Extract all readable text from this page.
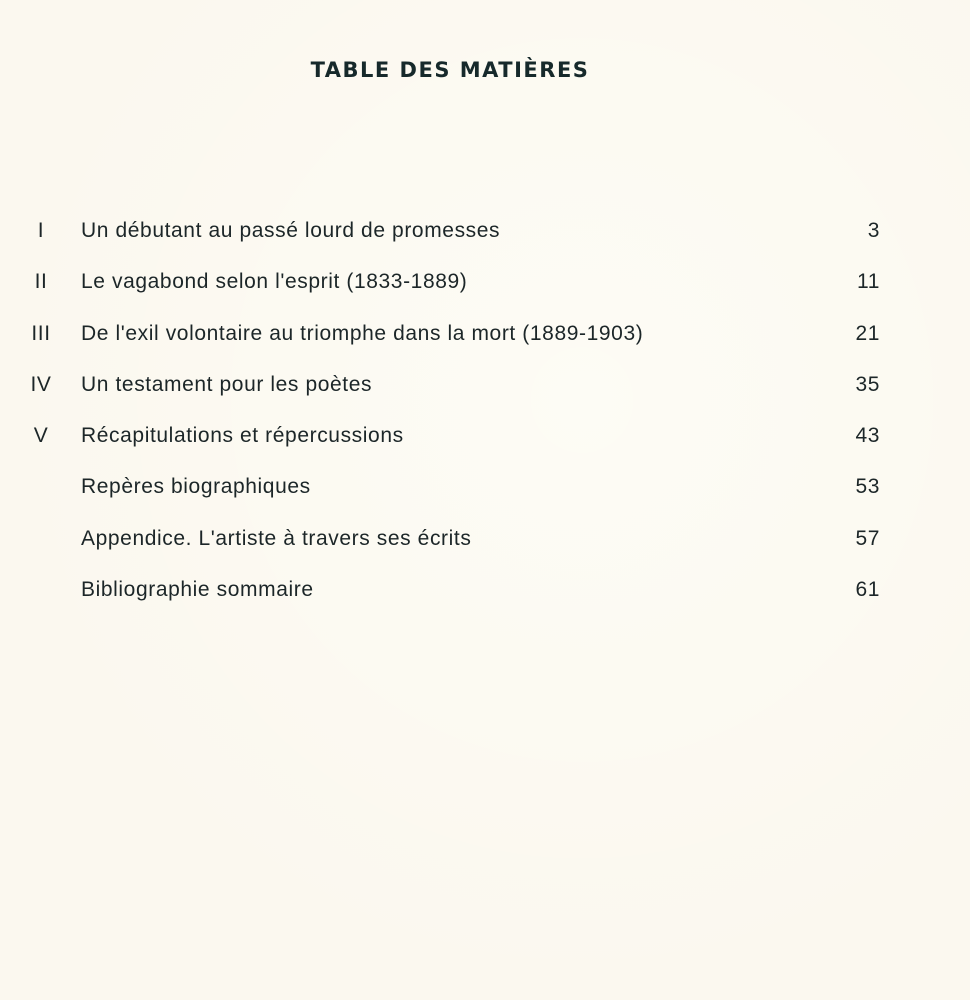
TABLE DES MATIÈRES
I	Un débutant au passé lourd de promesses	3
II	Le vagabond selon l'esprit (1833-1889)	11
III	De l'exil volontaire au triomphe dans la mort (1889-1903)	21
IV	Un testament pour les poètes	35
V	Récapitulations et répercussions	43
Repères biographiques	53
Appendice. L'artiste à travers ses écrits	57
Bibliographie sommaire	61
